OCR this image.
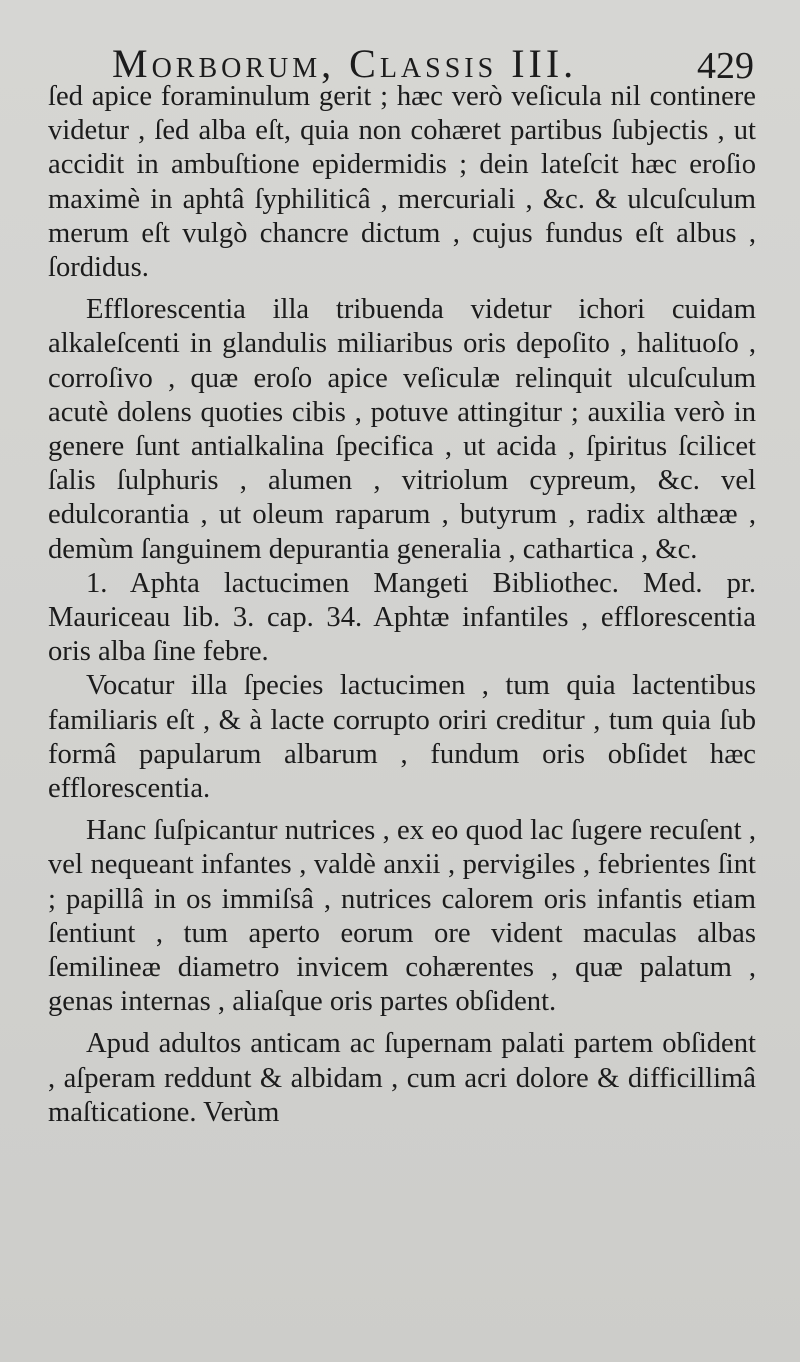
Morborum, Classis III.	429

ſed apice foraminulum gerit ; hæc verò veſicula nil continere videtur , ſed alba eſt, quia non cohæret partibus ſubjectis , ut accidit in ambuſtione epidermidis ; dein lateſcit hæc eroſio maximè in aphtâ ſyphiliticâ , mercuriali , &c. & ulcuſculum merum eſt vulgò chancre dictum , cujus fundus eſt albus , ſordidus.

Efflorescentia illa tribuenda videtur ichori cuidam alkaleſcenti in glandulis miliaribus oris depoſito , halituoſo , corroſivo , quæ eroſo apice veſiculæ relinquit ulcuſculum acutè dolens quoties cibis , potuve attingitur ; auxilia verò in genere ſunt antialkalina ſpecifica , ut acida , ſpiritus ſcilicet ſalis ſulphuris , alumen , vitriolum cypreum, &c. vel edulcorantia , ut oleum raparum , butyrum , radix althææ , demùm ſanguinem depurantia generalia , cathartica , &c.

1. Aphta lactucimen Mangeti Bibliothec. Med. pr. Mauriceau lib. 3. cap. 34. Aphtæ infantiles , efflorescentia oris alba ſine febre.

Vocatur illa ſpecies lactucimen , tum quia lactentibus familiaris eſt , & à lacte corrupto oriri creditur , tum quia ſub formâ papularum albarum , fundum oris obſidet hæc efflorescentia.

Hanc ſuſpicantur nutrices , ex eo quod lac ſugere recuſent , vel nequeant infantes , valdè anxii , pervigiles , febrientes ſint ; papillâ in os immiſsâ , nutrices calorem oris infantis etiam ſentiunt , tum aperto eorum ore vident maculas albas ſemilineæ diametro invicem cohærentes , quæ palatum , genas internas , aliaſque oris partes obſident.

Apud adultos anticam ac ſupernam palati partem obſident , aſperam reddunt & albidam , cum acri dolore & difficillimâ maſticatione. Verùm
